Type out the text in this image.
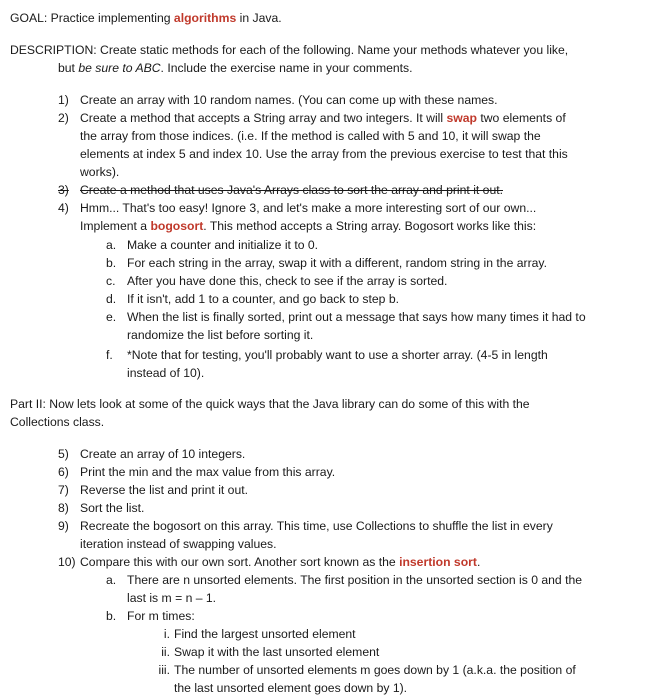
GOAL: Practice implementing algorithms in Java.
DESCRIPTION: Create static methods for each of the following. Name your methods whatever you like,
but be sure to ABC. Include the exercise name in your comments.
1) Create an array with 10 random names. (You can come up with these names.
2) Create a method that accepts a String array and two integers. It will swap two elements of
the array from those indices. (i.e. If the method is called with 5 and 10, it will swap the
elements at index 5 and index 10. Use the array from the previous exercise to test that this
works).
3) Create a method that uses Java's Arrays class to sort the array and print it out.
4) Hmm... That's too easy! Ignore 3, and let's make a more interesting sort of our own...
Implement a bogosort. This method accepts a String array. Bogosort works like this:
a. Make a counter and initialize it to 0.
b. For each string in the array, swap it with a different, random string in the array.
c. After you have done this, check to see if the array is sorted.
d. If it isn't, add 1 to a counter, and go back to step b.
e. When the list is finally sorted, print out a message that says how many times it had to
randomize the list before sorting it.
f. *Note that for testing, you'll probably want to use a shorter array. (4-5 in length
instead of 10).
Part II: Now lets look at some of the quick ways that the Java library can do some of this with the
Collections class.
5) Create an array of 10 integers.
6) Print the min and the max value from this array.
7) Reverse the list and print it out.
8) Sort the list.
9) Recreate the bogosort on this array. This time, use Collections to shuffle the list in every
iteration instead of swapping values.
10) Compare this with our own sort. Another sort known as the insertion sort.
a. There are n unsorted elements. The first position in the unsorted section is 0 and the
last is m = n – 1.
b. For m times:
i. Find the largest unsorted element
ii. Swap it with the last unsorted element
iii. The number of unsorted elements m goes down by 1 (a.k.a. the position of
the last unsorted element goes down by 1).
